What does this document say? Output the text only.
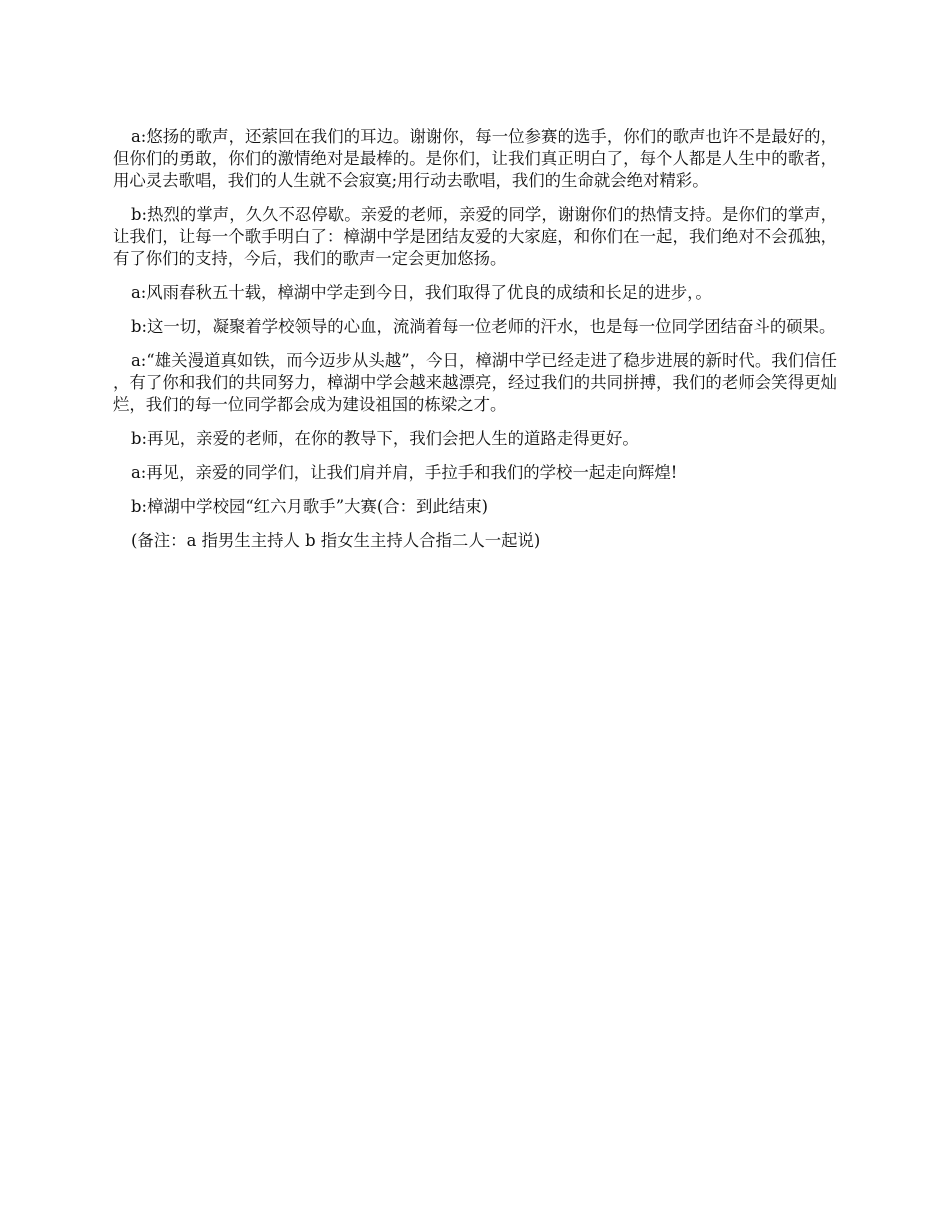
a:悠扬的歌声，还萦回在我们的耳边。谢谢你，每一位参赛的选手，你们的歌声也许不是最好的，但你们的勇敢，你们的激情绝对是最棒的。是你们，让我们真正明白了，每个人都是人生中的歌者，用心灵去歌唱，我们的人生就不会寂寞;用行动去歌唱，我们的生命就会绝对精彩。

b:热烈的掌声，久久不忍停歇。亲爱的老师，亲爱的同学，谢谢你们的热情支持。是你们的掌声，让我们，让每一个歌手明白了：樟湖中学是团结友爱的大家庭，和你们在一起，我们绝对不会孤独，有了你们的支持，今后，我们的歌声一定会更加悠扬。

a:风雨春秋五十载，樟湖中学走到今日，我们取得了优良的成绩和长足的进步，。

b:这一切，凝聚着学校领导的心血，流淌着每一位老师的汗水，也是每一位同学团结奋斗的硕果。

a:“雄关漫道真如铁，而今迈步从头越”，今日，樟湖中学已经走进了稳步进展的新时代。我们信任，有了你和我们的共同努力，樟湖中学会越来越漂亮，经过我们的共同拼搏，我们的老师会笑得更灿烂，我们的每一位同学都会成为建设祖国的栋梁之才。

b:再见，亲爱的老师，在你的教导下，我们会把人生的道路走得更好。

a:再见，亲爱的同学们，让我们肩并肩，手拉手和我们的学校一起走向辉煌!

b:樟湖中学校园“红六月歌手”大赛(合：到此结束)

(备注：a 指男生主持人 b 指女生主持人合指二人一起说)
